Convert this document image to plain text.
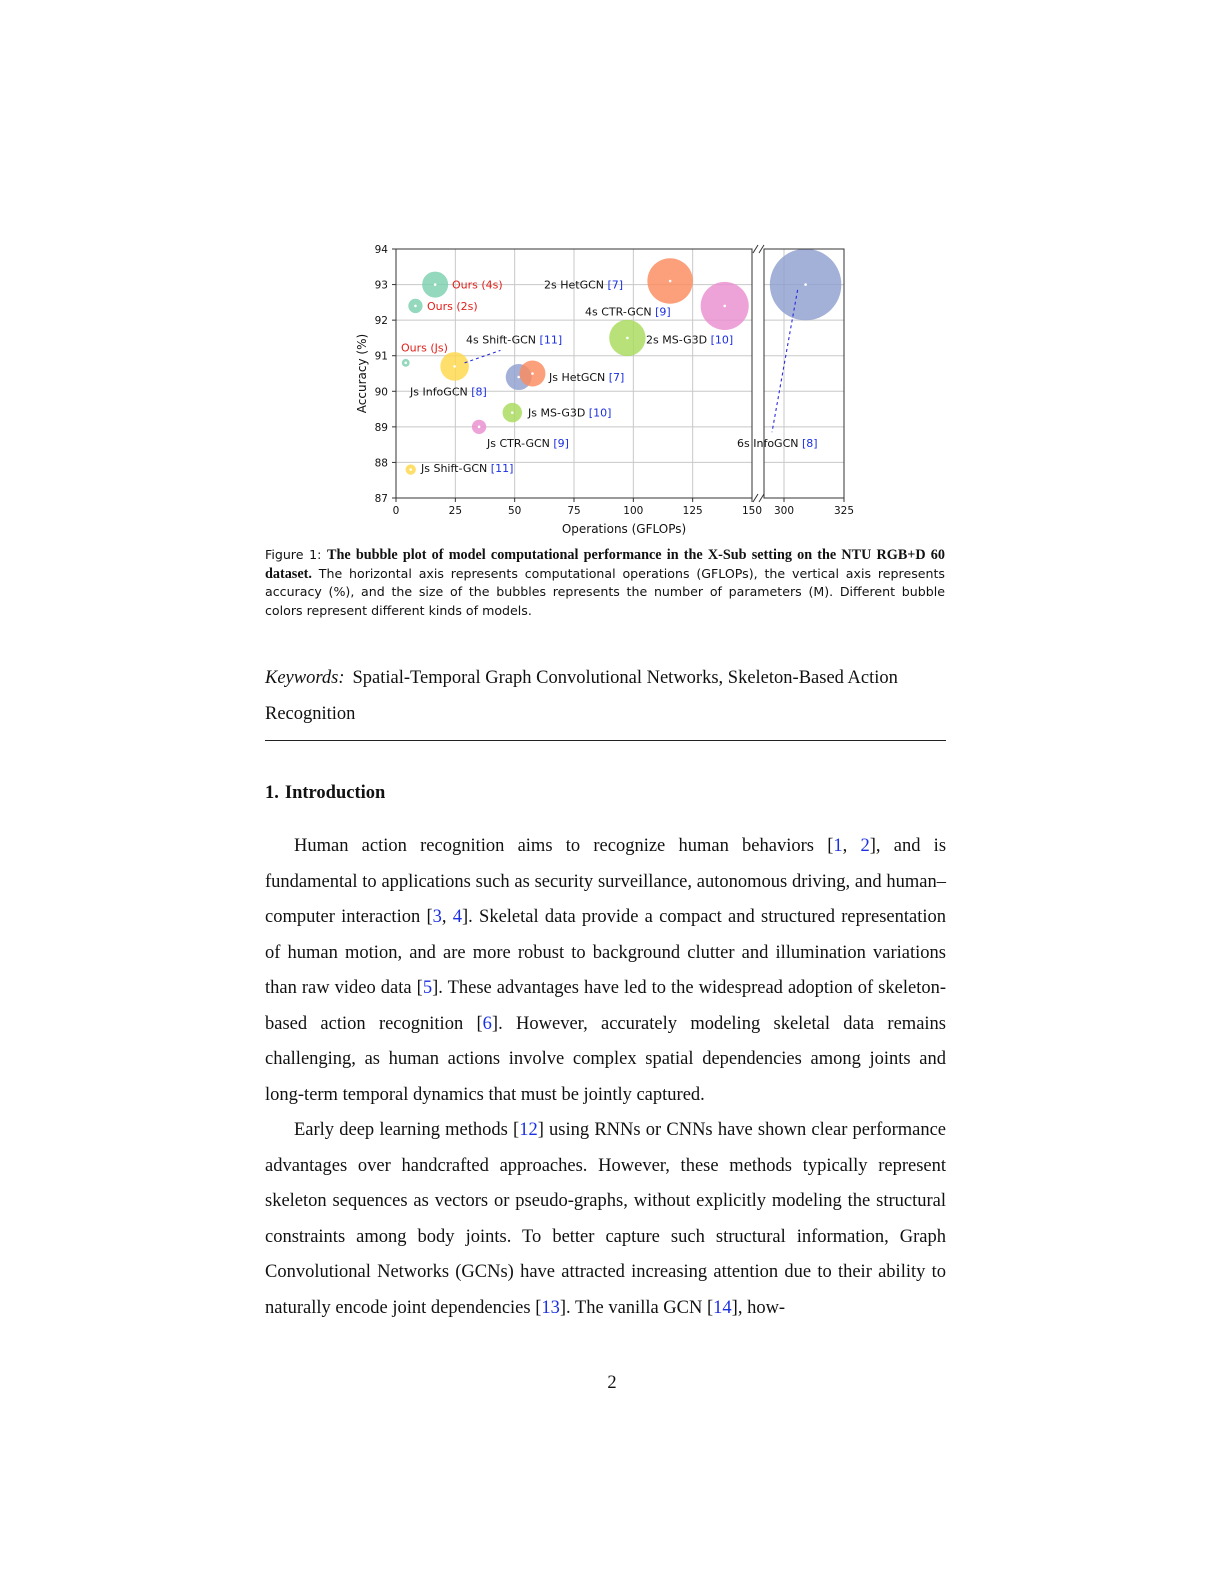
87
88
89
90
91
92
93
94
0	25	50	75	100	125	150 300	325
Ours (4s)
Ours (2s)
Ours (Js)
4s Shift-GCN [11]
Js InfoGCN [8]
Js HetGCN [7]
Js MS-G3D [10]
Js CTR-GCN [9]
Js Shift-GCN [11]
2s HetGCN [7]
4s CTR-GCN [9]
2s MS-G3D [10]
6s InfoGCN [8]
Operations (GFLOPs)
Accuracy (%)
Figure 1: The bubble plot of model computational performance in the X-Sub setting on the NTU RGB+D 60 dataset. The horizontal axis represents computational operations (GFLOPs), the vertical axis represents accuracy (%), and the size of the bubbles represents the number of parameters (M). Different bubble colors represent different kinds of models.
Keywords: Spatial-Temporal Graph Convolutional Networks, Skeleton-Based Action Recognition
1. Introduction

Human action recognition aims to recognize human behaviors [1, 2], and is fundamental to applications such as security surveillance, autonomous driving, and human–computer interaction [3, 4]. Skeletal data provide a compact and structured representation of human motion, and are more robust to background clutter and illumination variations than raw video data [5]. These advantages have led to the widespread adoption of skeleton-based action recognition [6]. However, accurately modeling skeletal data remains challenging, as human actions involve complex spatial dependencies among joints and long-term temporal dynamics that must be jointly captured.

Early deep learning methods [12] using RNNs or CNNs have shown clear performance advantages over handcrafted approaches. However, these methods typically represent skeleton sequences as vectors or pseudo-graphs, without explicitly modeling the structural constraints among body joints. To better capture such structural information, Graph Convolutional Networks (GCNs) have attracted increasing attention due to their ability to naturally encode joint dependencies [13]. The vanilla GCN [14], how-

2
